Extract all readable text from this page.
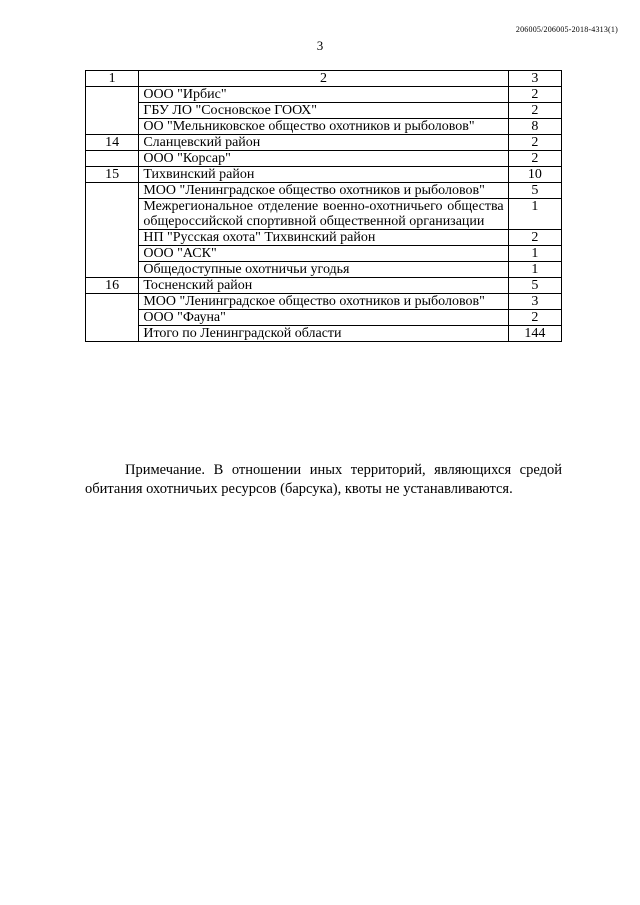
206005/206005-2018-4313(1)
3
1	2	3
	ООО "Ирбис"	2
	ГБУ ЛО "Сосновское ГООХ"	2
	ОО "Мельниковское общество охотников и рыболовов"	8
14	Сланцевский район	2
	ООО "Корсар"	2
15	Тихвинский район	10
	МОО "Ленинградское общество охотников и рыболовов"	5
	Межрегиональное отделение военно-охотничьего общества общероссийской спортивной общественной организации	1
	НП "Русская охота" Тихвинский район	2
	ООО "АСК"	1
	Общедоступные охотничьи угодья	1
16	Тосненский район	5
	МОО "Ленинградское общество охотников и рыболовов"	3
	ООО "Фауна"	2
	Итого по Ленинградской области	144
Примечание. В отношении иных территорий, являющихся средой обитания охотничьих ресурсов (барсука), квоты не устанавливаются.
